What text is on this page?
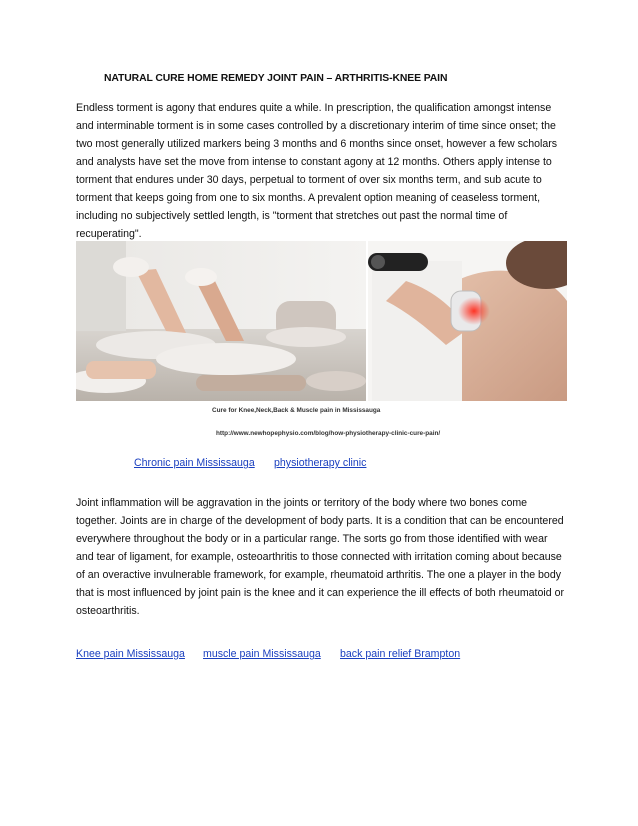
NATURAL CURE HOME REMEDY JOINT PAIN – ARTHRITIS-KNEE PAIN

Endless torment is agony that endures quite a while. In prescription, the qualification amongst intense and interminable torment is in some cases controlled by a discretionary interim of time since onset; the two most generally utilized markers being 3 months and 6 months since onset, however a few scholars and analysts have set the move from intense to constant agony at 12 months. Others apply intense to torment that endures under 30 days, perpetual to torment of over six months term, and sub acute to torment that keeps going from one to six months. A prevalent option meaning of ceaseless torment, including no subjectively settled length, is "torment that stretches out past the normal time of recuperating".

Cure for Knee,Neck,Back & Muscle pain in Mississauga
http://www.newhopephysio.com/blog/how-physiotherapy-clinic-cure-pain/
Chronic pain Mississauga physiotherapy clinic

Joint inflammation will be aggravation in the joints or territory of the body where two bones come together. Joints are in charge of the development of body parts. It is a condition that can be encountered everywhere throughout the body or in a particular range. The sorts go from those identified with wear and tear of ligament, for example, osteoarthritis to those connected with irritation coming about because of an overactive invulnerable framework, for example, rheumatoid arthritis. The one a player in the body that is most influenced by joint pain is the knee and it can experience the ill effects of both rheumatoid or osteoarthritis.

Knee pain Mississauga muscle pain Mississauga back pain relief Brampton
